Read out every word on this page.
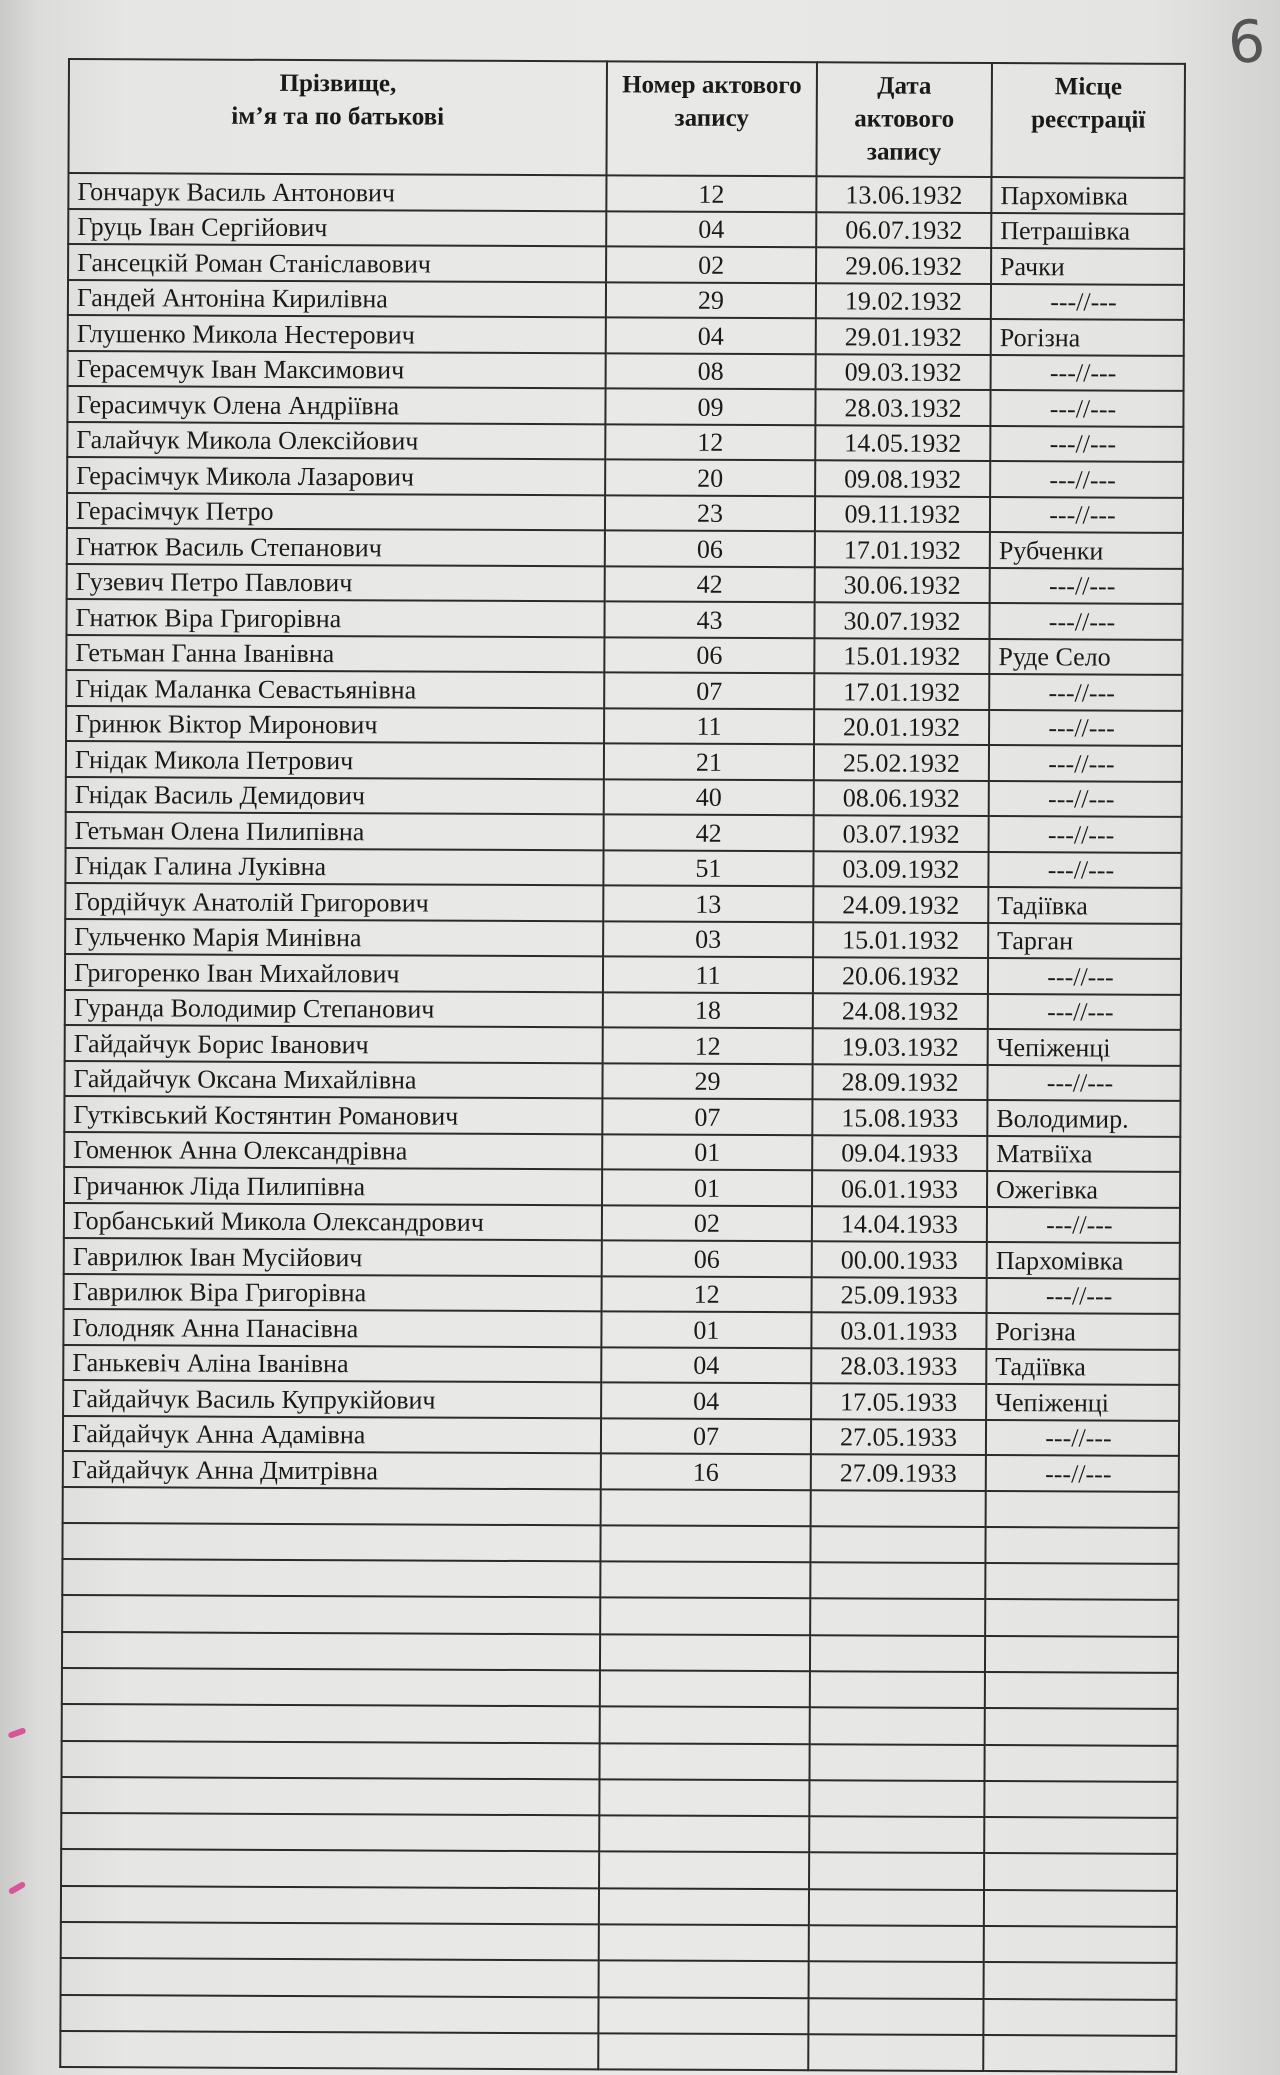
6
Прізвище,
ім’я та по батькові	Номер актового запису	Дата актового запису	Місце реєстрації
Гончарук Василь Антонович	12	13.06.1932	Пархомівка
Груць Іван Сергійович	04	06.07.1932	Петрашівка
Гансецкій Роман Станіславович	02	29.06.1932	Рачки
Гандей Антоніна Кирилівна	29	19.02.1932	---//---
Глушенко Микола Нестерович	04	29.01.1932	Рогізна
Герасемчук Іван Максимович	08	09.03.1932	---//---
Герасимчук Олена Андріївна	09	28.03.1932	---//---
Галайчук Микола Олексійович	12	14.05.1932	---//---
Герасімчук Микола Лазарович	20	09.08.1932	---//---
Герасімчук Петро	23	09.11.1932	---//---
Гнатюк Василь Степанович	06	17.01.1932	Рубченки
Гузевич Петро Павлович	42	30.06.1932	---//---
Гнатюк Віра Григорівна	43	30.07.1932	---//---
Гетьман Ганна Іванівна	06	15.01.1932	Руде Село
Гнідак Маланка Севастьянівна	07	17.01.1932	---//---
Гринюк Віктор Миронович	11	20.01.1932	---//---
Гнідак Микола Петрович	21	25.02.1932	---//---
Гнідак Василь Демидович	40	08.06.1932	---//---
Гетьман Олена Пилипівна	42	03.07.1932	---//---
Гнідак Галина Луківна	51	03.09.1932	---//---
Гордійчук Анатолій Григорович	13	24.09.1932	Тадіївка
Гульченко Марія Минівна	03	15.01.1932	Тарган
Григоренко Іван Михайлович	11	20.06.1932	---//---
Гуранда Володимир Степанович	18	24.08.1932	---//---
Гайдайчук Борис Іванович	12	19.03.1932	Чепіженці
Гайдайчук Оксана Михайлівна	29	28.09.1932	---//---
Гутківський Костянтин Романович	07	15.08.1933	Володимир.
Гоменюк Анна Олександрівна	01	09.04.1933	Матвіїха
Гричанюк Ліда Пилипівна	01	06.01.1933	Ожегівка
Горбанський Микола Олександрович	02	14.04.1933	---//---
Гаврилюк Іван Мусійович	06	00.00.1933	Пархомівка
Гаврилюк Віра Григорівна	12	25.09.1933	---//---
Голодняк Анна Панасівна	01	03.01.1933	Рогізна
Ганькевіч Аліна Іванівна	04	28.03.1933	Тадіївка
Гайдайчук Василь Купрукійович	04	17.05.1933	Чепіженці
Гайдайчук Анна Адамівна	07	27.05.1933	---//---
Гайдайчук Анна Дмитрівна	16	27.09.1933	---//---
